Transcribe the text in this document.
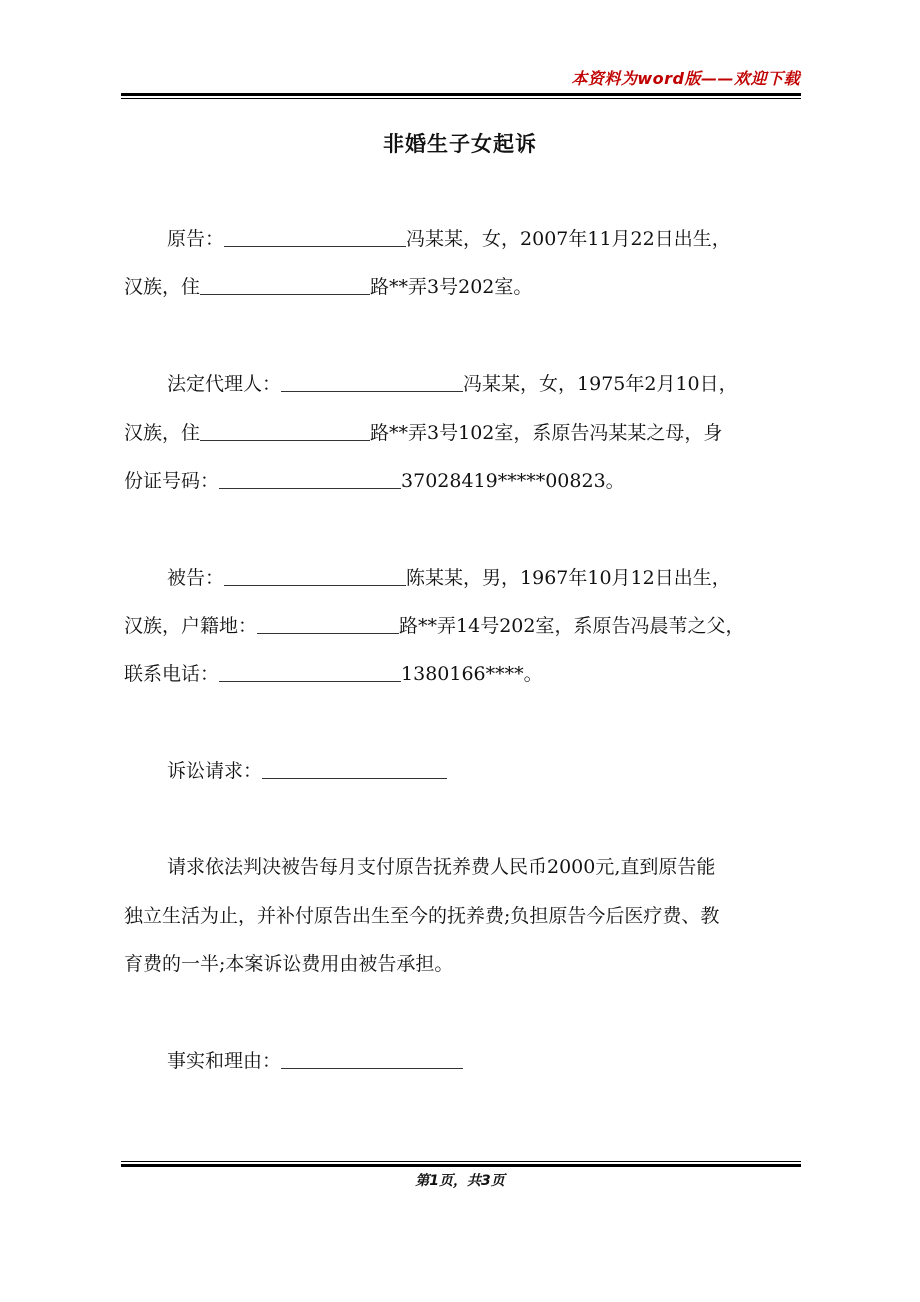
本资料为word版——欢迎下载
非婚生子女起诉
原告：	冯某某，女，2007年11月22日出生，
汉族，住	路**弄3号202室。
法定代理人：	冯某某，女，1975年2月10日，
汉族，住	路**弄3号102室，系原告冯某某之母，身
份证号码：	37028419*****00823。
被告：	陈某某，男，1967年10月12日出生，
汉族，户籍地：	路**弄14号202室，系原告冯晨苇之父，
联系电话：	1380166****。
诉讼请求：
请求依法判决被告每月支付原告抚养费人民币2000元,直到原告能
独立生活为止，并补付原告出生至今的抚养费;负担原告今后医疗费、教
育费的一半;本案诉讼费用由被告承担。
事实和理由：
第1页，共3页
